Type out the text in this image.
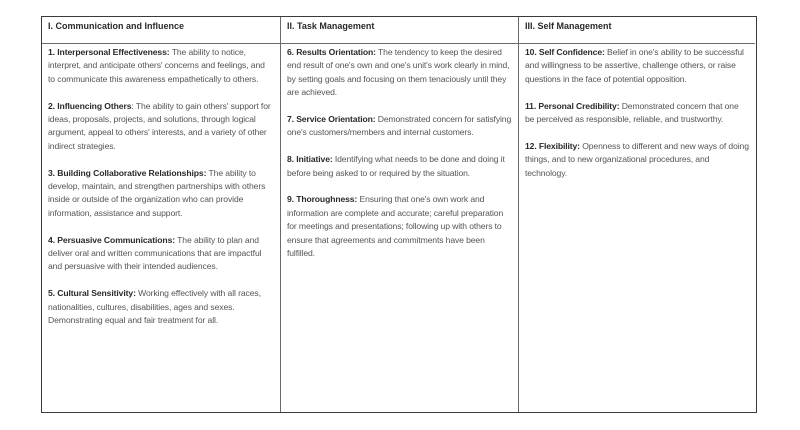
I. Communication and Influence
1. Interpersonal Effectiveness: The ability to notice, interpret, and anticipate others' concerns and feelings, and to communicate this awareness empathetically to others.
2. Influencing Others: The ability to gain others' support for ideas, proposals, projects, and solutions, through logical argument, appeal to others' interests, and a variety of other indirect strategies.
3. Building Collaborative Relationships: The ability to develop, maintain, and strengthen partnerships with others inside or outside of the organization who can provide information, assistance and support.
4. Persuasive Communications: The ability to plan and deliver oral and written communications that are impactful and persuasive with their intended audiences.
5. Cultural Sensitivity: Working effectively with all races, nationalities, cultures, disabilities, ages and sexes. Demonstrating equal and fair treatment for all.
II. Task Management
6. Results Orientation: The tendency to keep the desired end result of one's own and one's unit's work clearly in mind, by setting goals and focusing on them tenaciously until they are achieved.
7. Service Orientation: Demonstrated concern for satisfying one's customers/members and internal customers.
8. Initiative: Identifying what needs to be done and doing it before being asked to or required by the situation.
9. Thoroughness: Ensuring that one's own work and information are complete and accurate; careful preparation for meetings and presentations; following up with others to ensure that agreements and commitments have been fulfilled.
III. Self Management
10. Self Confidence: Belief in one's ability to be successful and willingness to be assertive, challenge others, or raise questions in the face of potential opposition.
11. Personal Credibility: Demonstrated concern that one be perceived as responsible, reliable, and trustworthy.
12. Flexibility: Openness to different and new ways of doing things, and to new organizational procedures, and technology.
